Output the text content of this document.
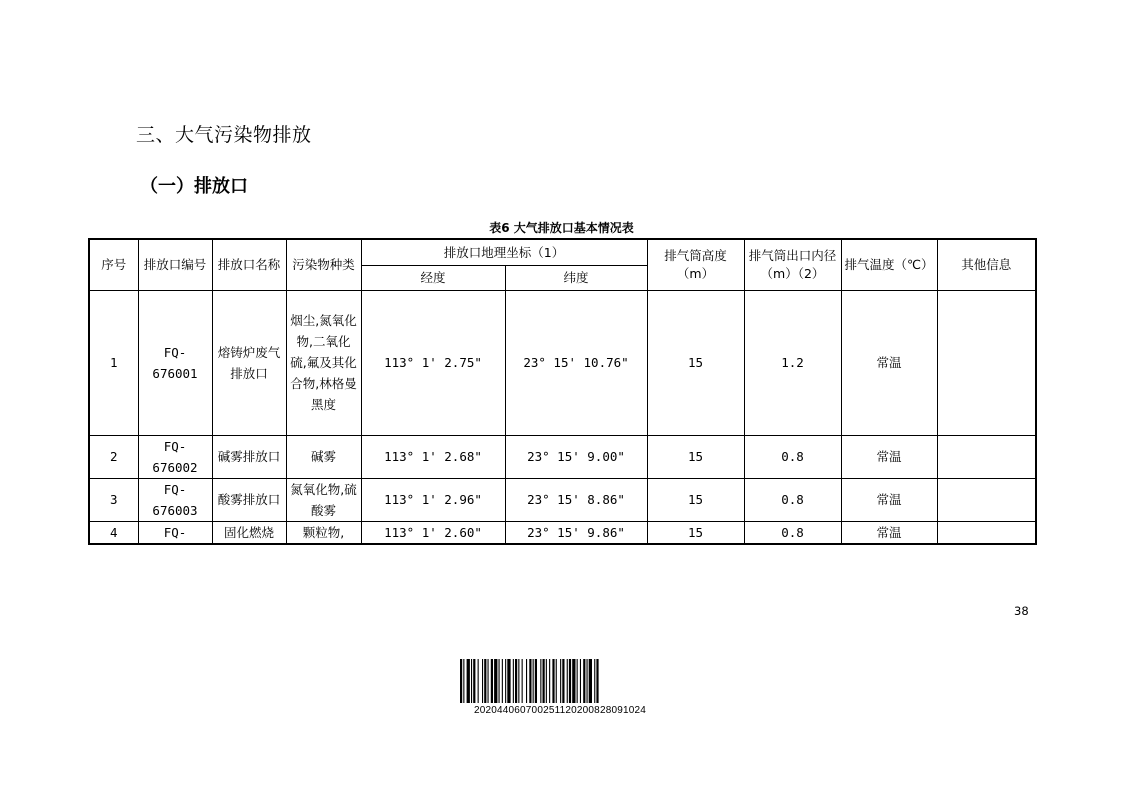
三、大气污染物排放
（一）排放口
表6 大气排放口基本情况表
序号	排放口编号	排放口名称	污染物种类	排放口地理坐标（1）		排气筒高度（m）	排气筒出口内径（m）（2）	排气温度（℃）	其他信息
				经度	纬度				
1	FQ-676001	熔铸炉废气排放口	烟尘,氮氧化物,二氧化硫,氟及其化合物,林格曼黑度	113° 1' 2.75"	23° 15' 10.76"	15	1.2	常温	
2	FQ-676002	碱雾排放口	碱雾	113° 1' 2.68"	23° 15' 9.00"	15	0.8	常温	
3	FQ-676003	酸雾排放口	氮氧化物,硫酸雾	113° 1' 2.96"	23° 15' 8.86"	15	0.8	常温	
4	FQ-	固化燃烧	颗粒物,	113° 1' 2.60"	23° 15' 9.86"	15	0.8	常温	
38
20204406070025112020082809102​4
